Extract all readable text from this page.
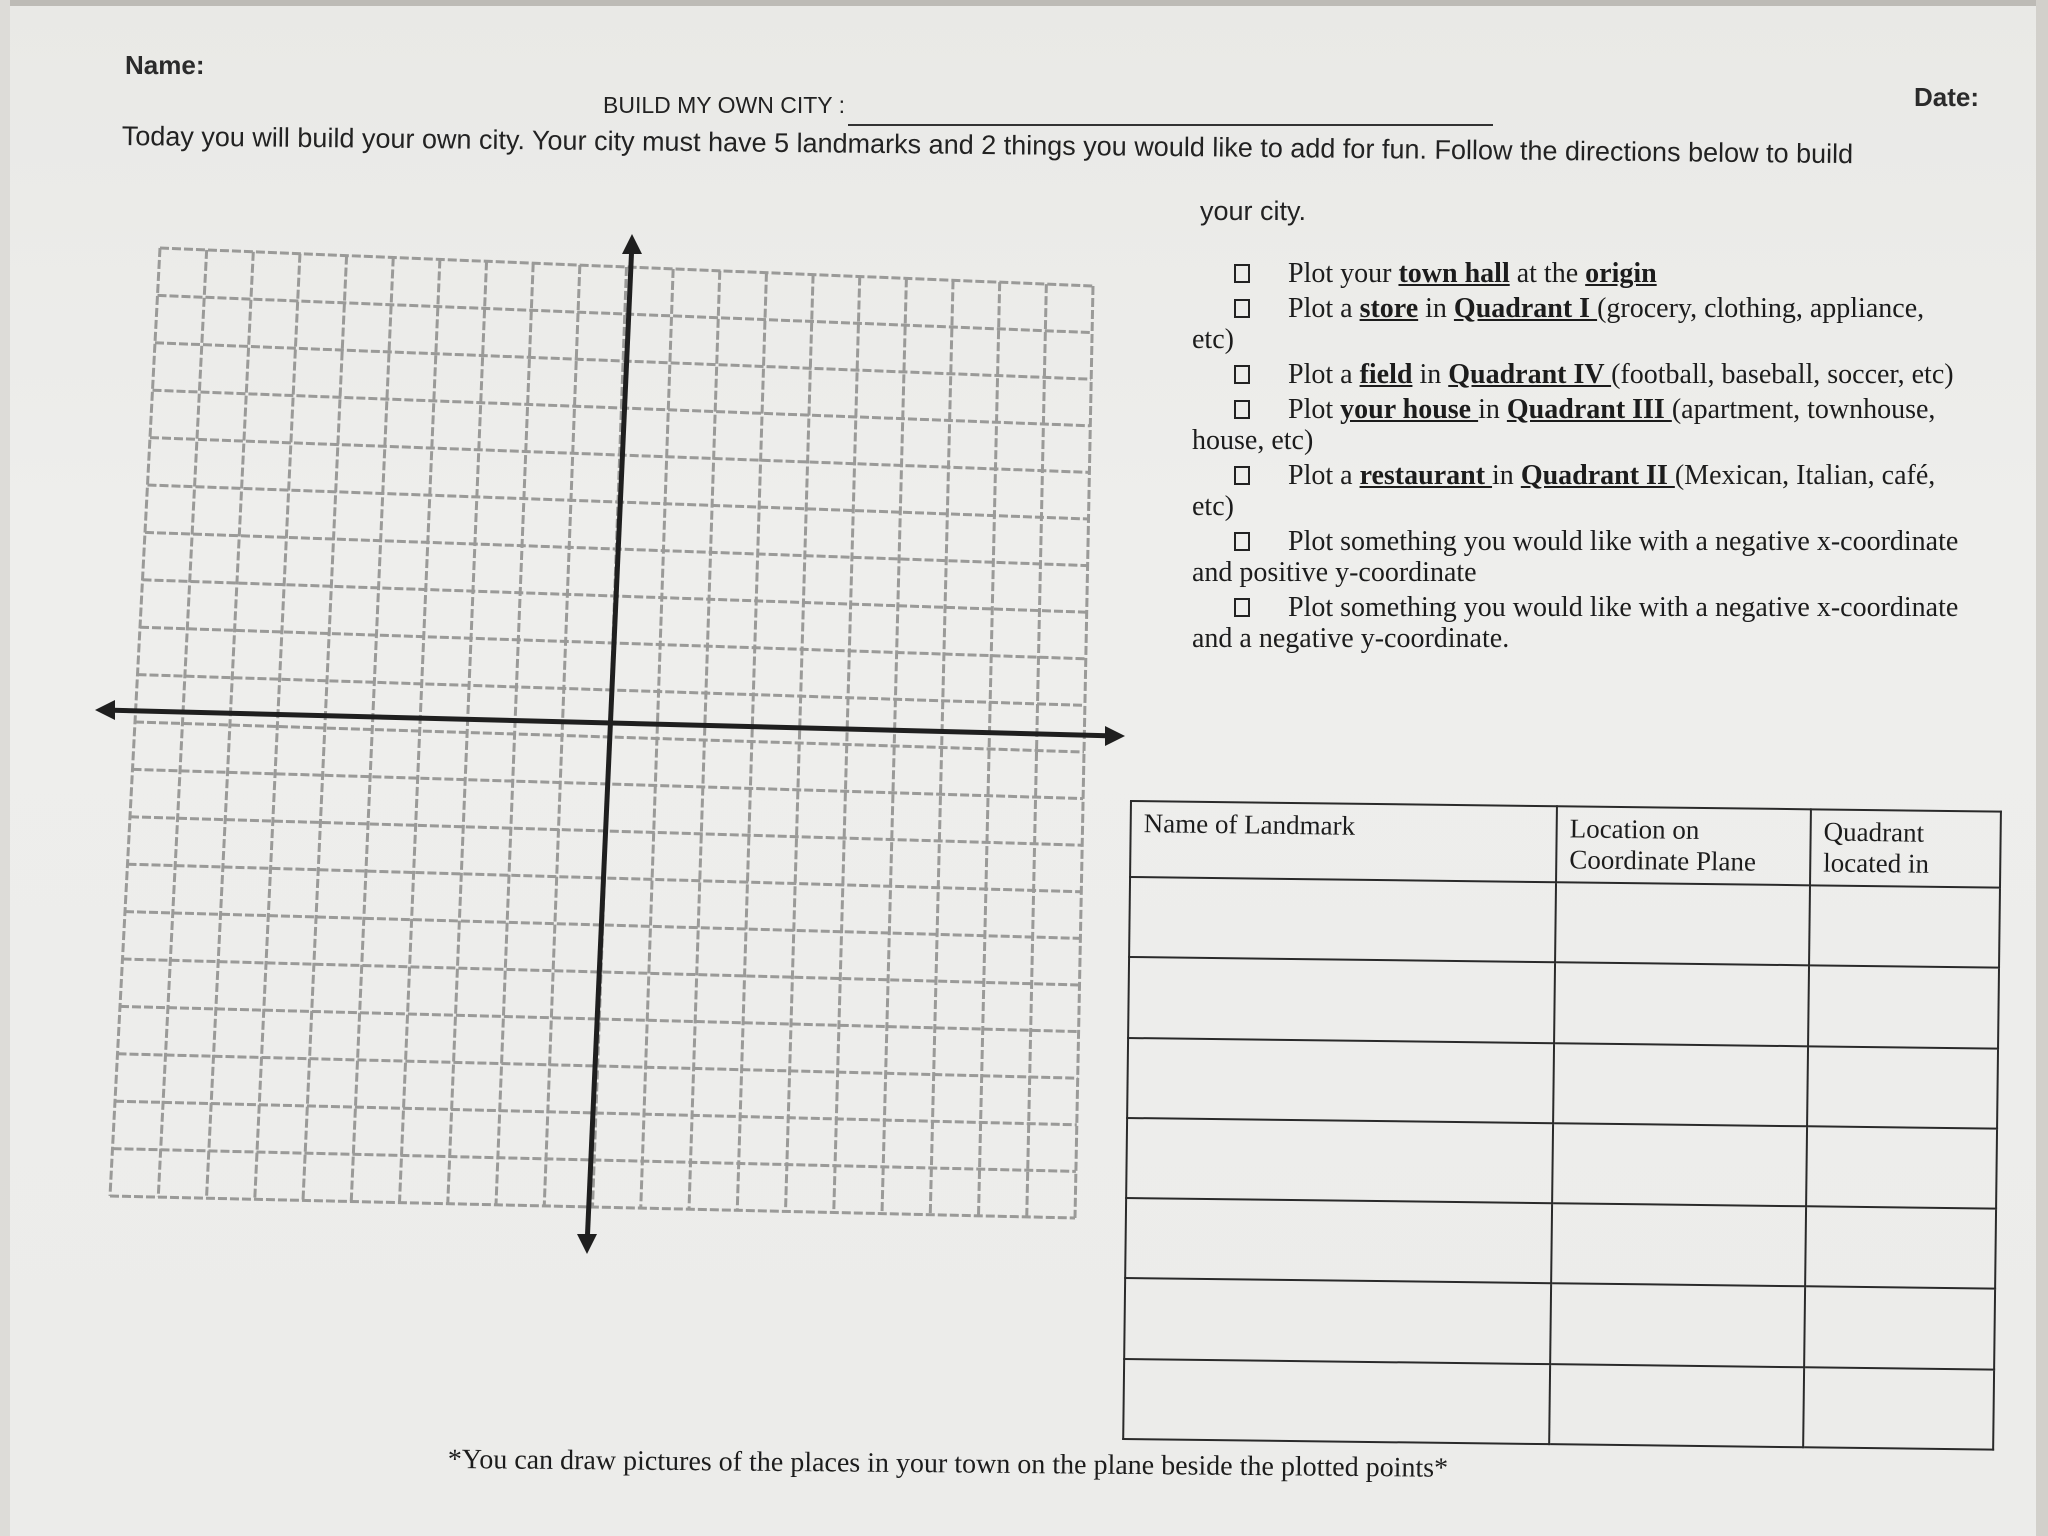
Name:
Date:
BUILD MY OWN CITY :
Today you will build your own city. Your city must have 5 landmarks and 2 things you would like to add for fun. Follow the directions below to build
your city.
Plot your town hall at the origin
Plot a store in Quadrant I (grocery, clothing, appliance, etc)
Plot a field in Quadrant IV (football, baseball, soccer, etc)
Plot your house in Quadrant III (apartment, townhouse, house, etc)
Plot a restaurant in Quadrant II (Mexican, Italian, café, etc)
Plot something you would like with a negative x-coordinate and positive y-coordinate
Plot something you would like with a negative x-coordinate and a negative y-coordinate.
Name of Landmark	Location on Coordinate Plane	Quadrant located in

*You can draw pictures of the places in your town on the plane beside the plotted points*
